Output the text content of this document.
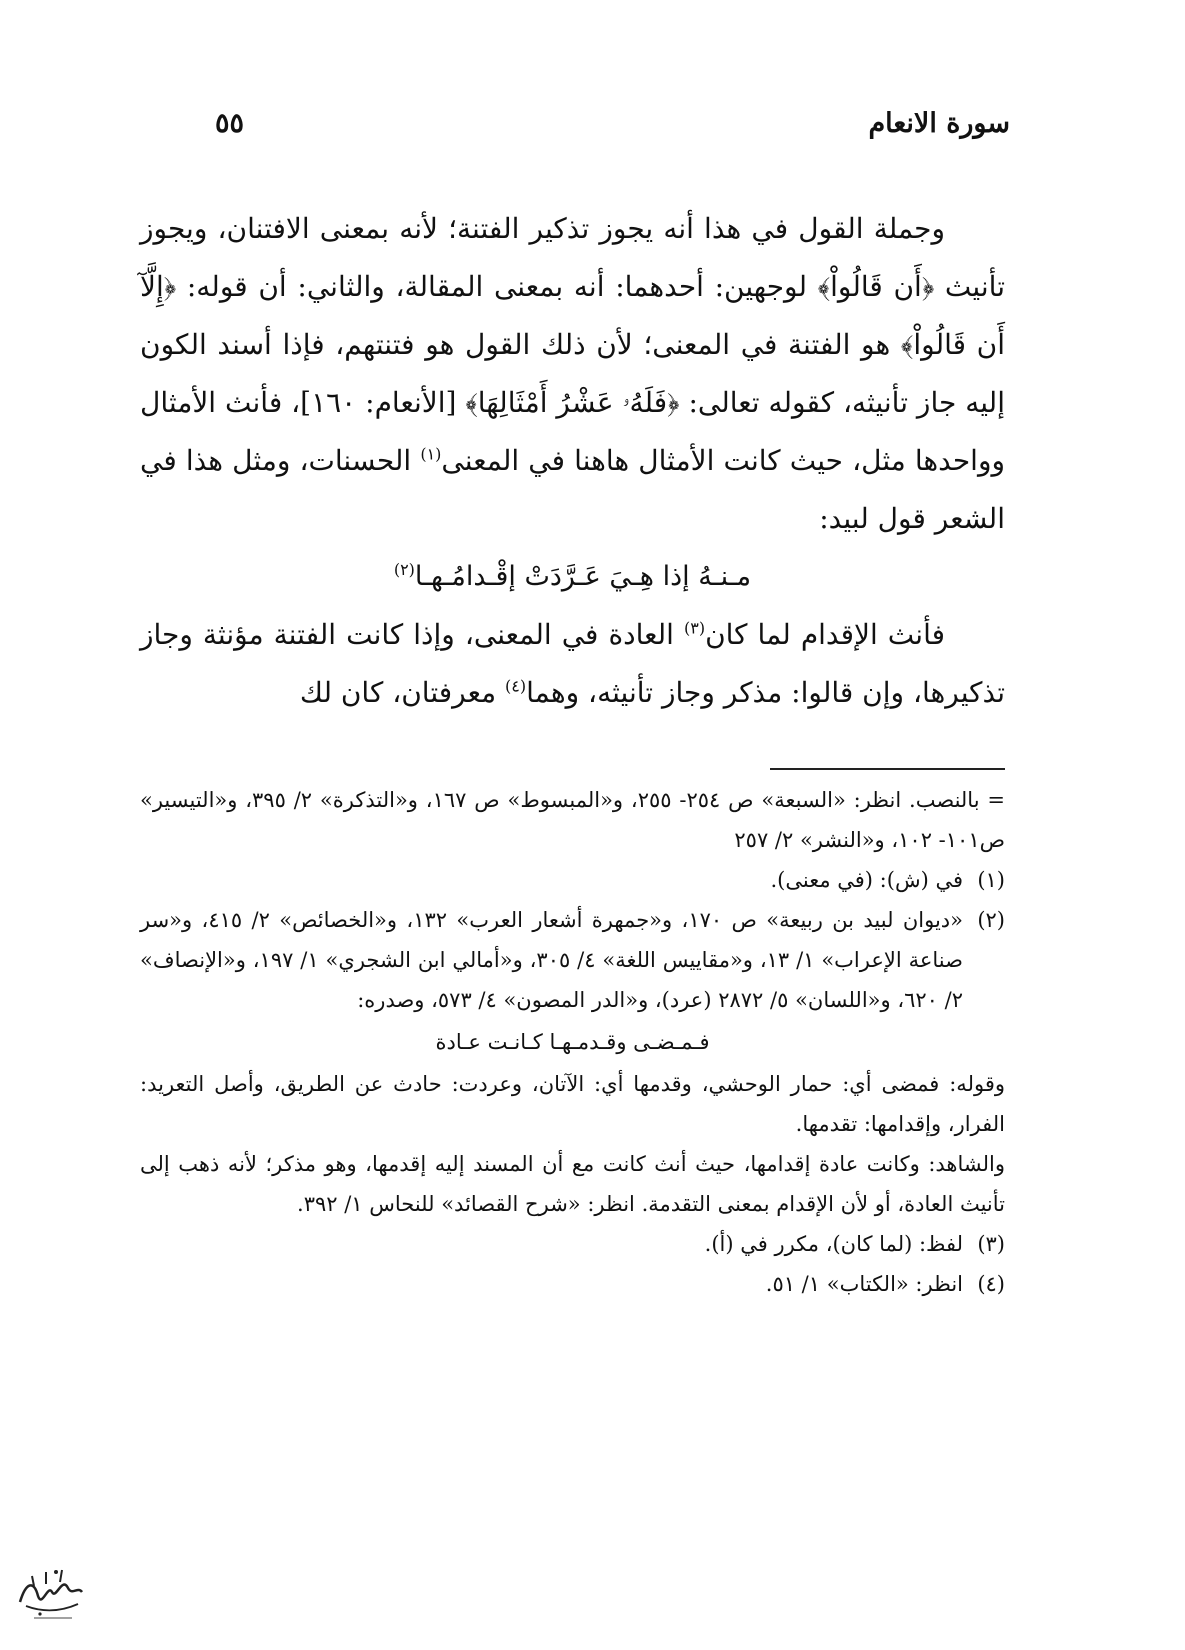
سورة الانعام
٥٥

وجملة القول في هذا أنه يجوز تذكير الفتنة؛ لأنه بمعنى الافتنان، ويجوز تأنيث ﴿أَن قَالُواْ﴾ لوجهين: أحدهما: أنه بمعنى المقالة، والثاني: أن قوله: ﴿إِلَّآ أَن قَالُواْ﴾ هو الفتنة في المعنى؛ لأن ذلك القول هو فتنتهم، فإذا أسند الكون إليه جاز تأنيثه، كقوله تعالى: ﴿فَلَهُۥ عَشْرُ أَمْثَالِهَا﴾ [الأنعام: ١٦٠]، فأنث الأمثال وواحدها مثل، حيث كانت الأمثال هاهنا في المعنى$^{(١)}$ الحسنات، ومثل هذا في الشعر قول لبيد:

مـنـهُ إذا هِـيَ عَـرَّدَتْ إقْـدامُـهـا$^{(٢)}$

فأنث الإقدام لما كان$^{(٣)}$ العادة في المعنى، وإذا كانت الفتنة مؤنثة وجاز تذكيرها، وإن قالوا: مذكر وجاز تأنيثه، وهما$^{(٤)}$ معرفتان، كان لك

= بالنصب. انظر: «السبعة» ص ٢٥٤- ٢٥٥، و«المبسوط» ص ١٦٧، و«التذكرة» ٢/ ٣٩٥، و«التيسير» ص١٠١- ١٠٢، و«النشر» ٢/ ٢٥٧

(١)
في (ش): (في معنى).

(٢)
«ديوان لبيد بن ربيعة» ص ١٧٠، و«جمهرة أشعار العرب» ١٣٢، و«الخصائص» ٢/ ٤١٥، و«سر صناعة الإعراب» ١/ ١٣، و«مقاييس اللغة» ٤/ ٣٠٥، و«أمالي ابن الشجري» ١/ ١٩٧، و«الإنصاف» ٢/ ٦٢٠، و«اللسان» ٥/ ٢٨٧٢ (عرد)، و«الدر المصون» ٤/ ٥٧٣، وصدره:

فـمـضـى وقـدمـهـا كـانـت عـادة

وقوله: فمضى أي: حمار الوحشي، وقدمها أي: الآتان، وعردت: حادث عن الطريق، وأصل التعريد: الفرار، وإقدامها: تقدمها.

والشاهد: وكانت عادة إقدامها، حيث أنث كانت مع أن المسند إليه إقدمها، وهو مذكر؛ لأنه ذهب إلى تأنيث العادة، أو لأن الإقدام بمعنى التقدمة. انظر: «شرح القصائد» للنحاس ١/ ٣٩٢.

(٣)
لفظ: (لما كان)، مكرر في (أ).

(٤)
انظر: «الكتاب» ١/ ٥١.
